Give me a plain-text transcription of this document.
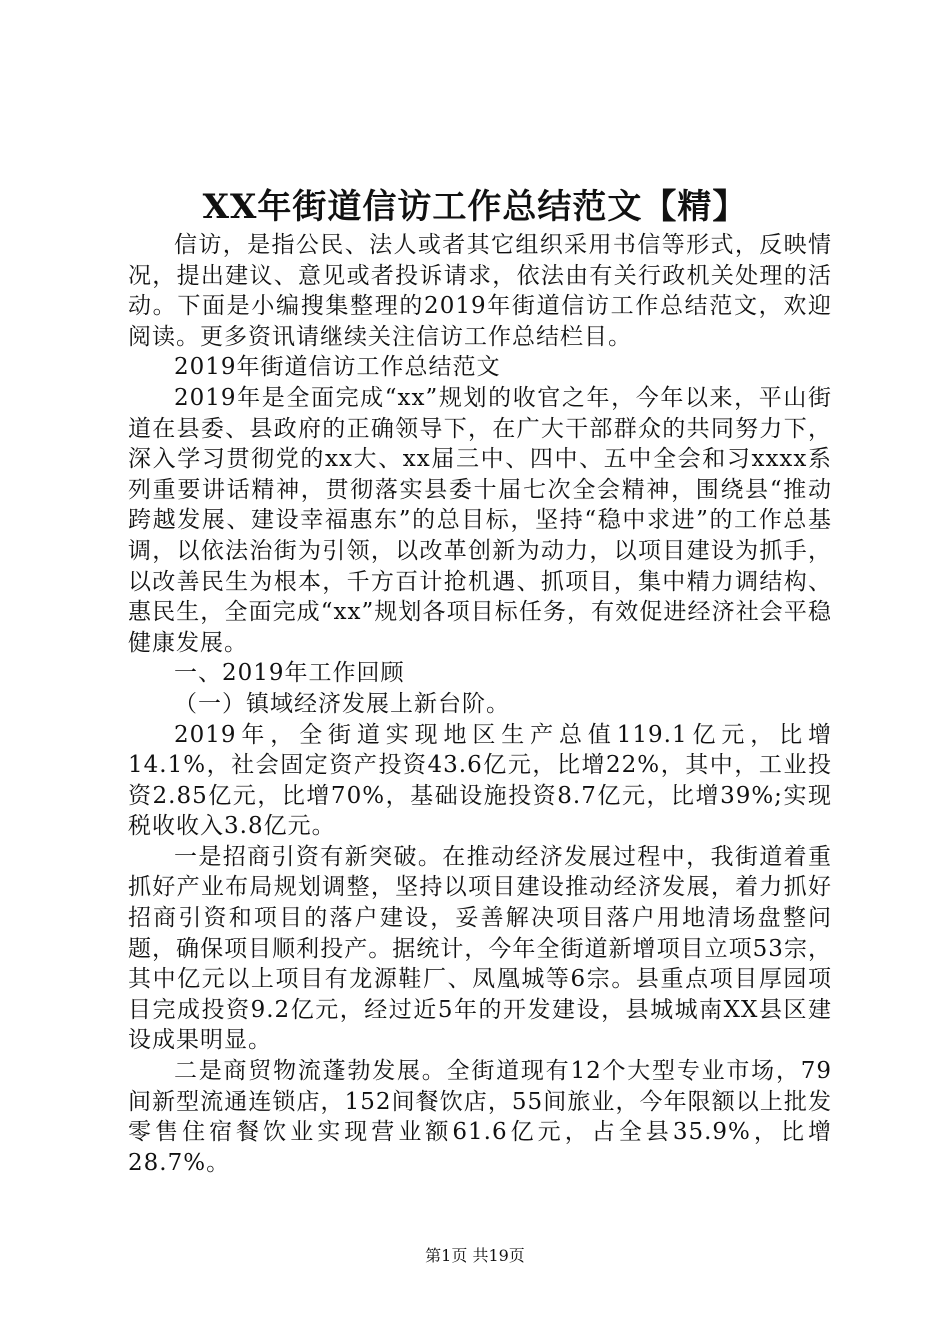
XX年街道信访工作总结范文【精】

信访，是指公民、法人或者其它组织采用书信等形式，反映情况，提出建议、意见或者投诉请求，依法由有关行政机关处理的活动。下面是小编搜集整理的2019年街道信访工作总结范文，欢迎阅读。更多资讯请继续关注信访工作总结栏目。

2019年街道信访工作总结范文

2019年是全面完成“xx”规划的收官之年，今年以来，平山街道在县委、县政府的正确领导下，在广大干部群众的共同努力下，深入学习贯彻党的xx大、xx届三中、四中、五中全会和习xxxx系列重要讲话精神，贯彻落实县委十届七次全会精神，围绕县“推动跨越发展、建设幸福惠东”的总目标，坚持“稳中求进”的工作总基调，以依法治街为引领，以改革创新为动力，以项目建设为抓手，以改善民生为根本，千方百计抢机遇、抓项目，集中精力调结构、惠民生，全面完成“xx”规划各项目标任务，有效促进经济社会平稳健康发展。

一、2019年工作回顾

（一）镇域经济发展上新台阶。

2019年，全街道实现地区生产总值119.1亿元，比增14.1%，社会固定资产投资43.6亿元，比增22%，其中，工业投资2.85亿元，比增70%，基础设施投资8.7亿元，比增39%;实现税收收入3.8亿元。

一是招商引资有新突破。在推动经济发展过程中，我街道着重抓好产业布局规划调整，坚持以项目建设推动经济发展，着力抓好招商引资和项目的落户建设，妥善解决项目落户用地清场盘整问题，确保项目顺利投产。据统计，今年全街道新增项目立项53宗，其中亿元以上项目有龙源鞋厂、凤凰城等6宗。县重点项目厚园项目完成投资9.2亿元，经过近5年的开发建设，县城城南XX县区建设成果明显。

二是商贸物流蓬勃发展。全街道现有12个大型专业市场，79间新型流通连锁店，152间餐饮店，55间旅业，今年限额以上批发零售住宿餐饮业实现营业额61.6亿元，占全县35.9%，比增28.7%。

第1页 共19页
